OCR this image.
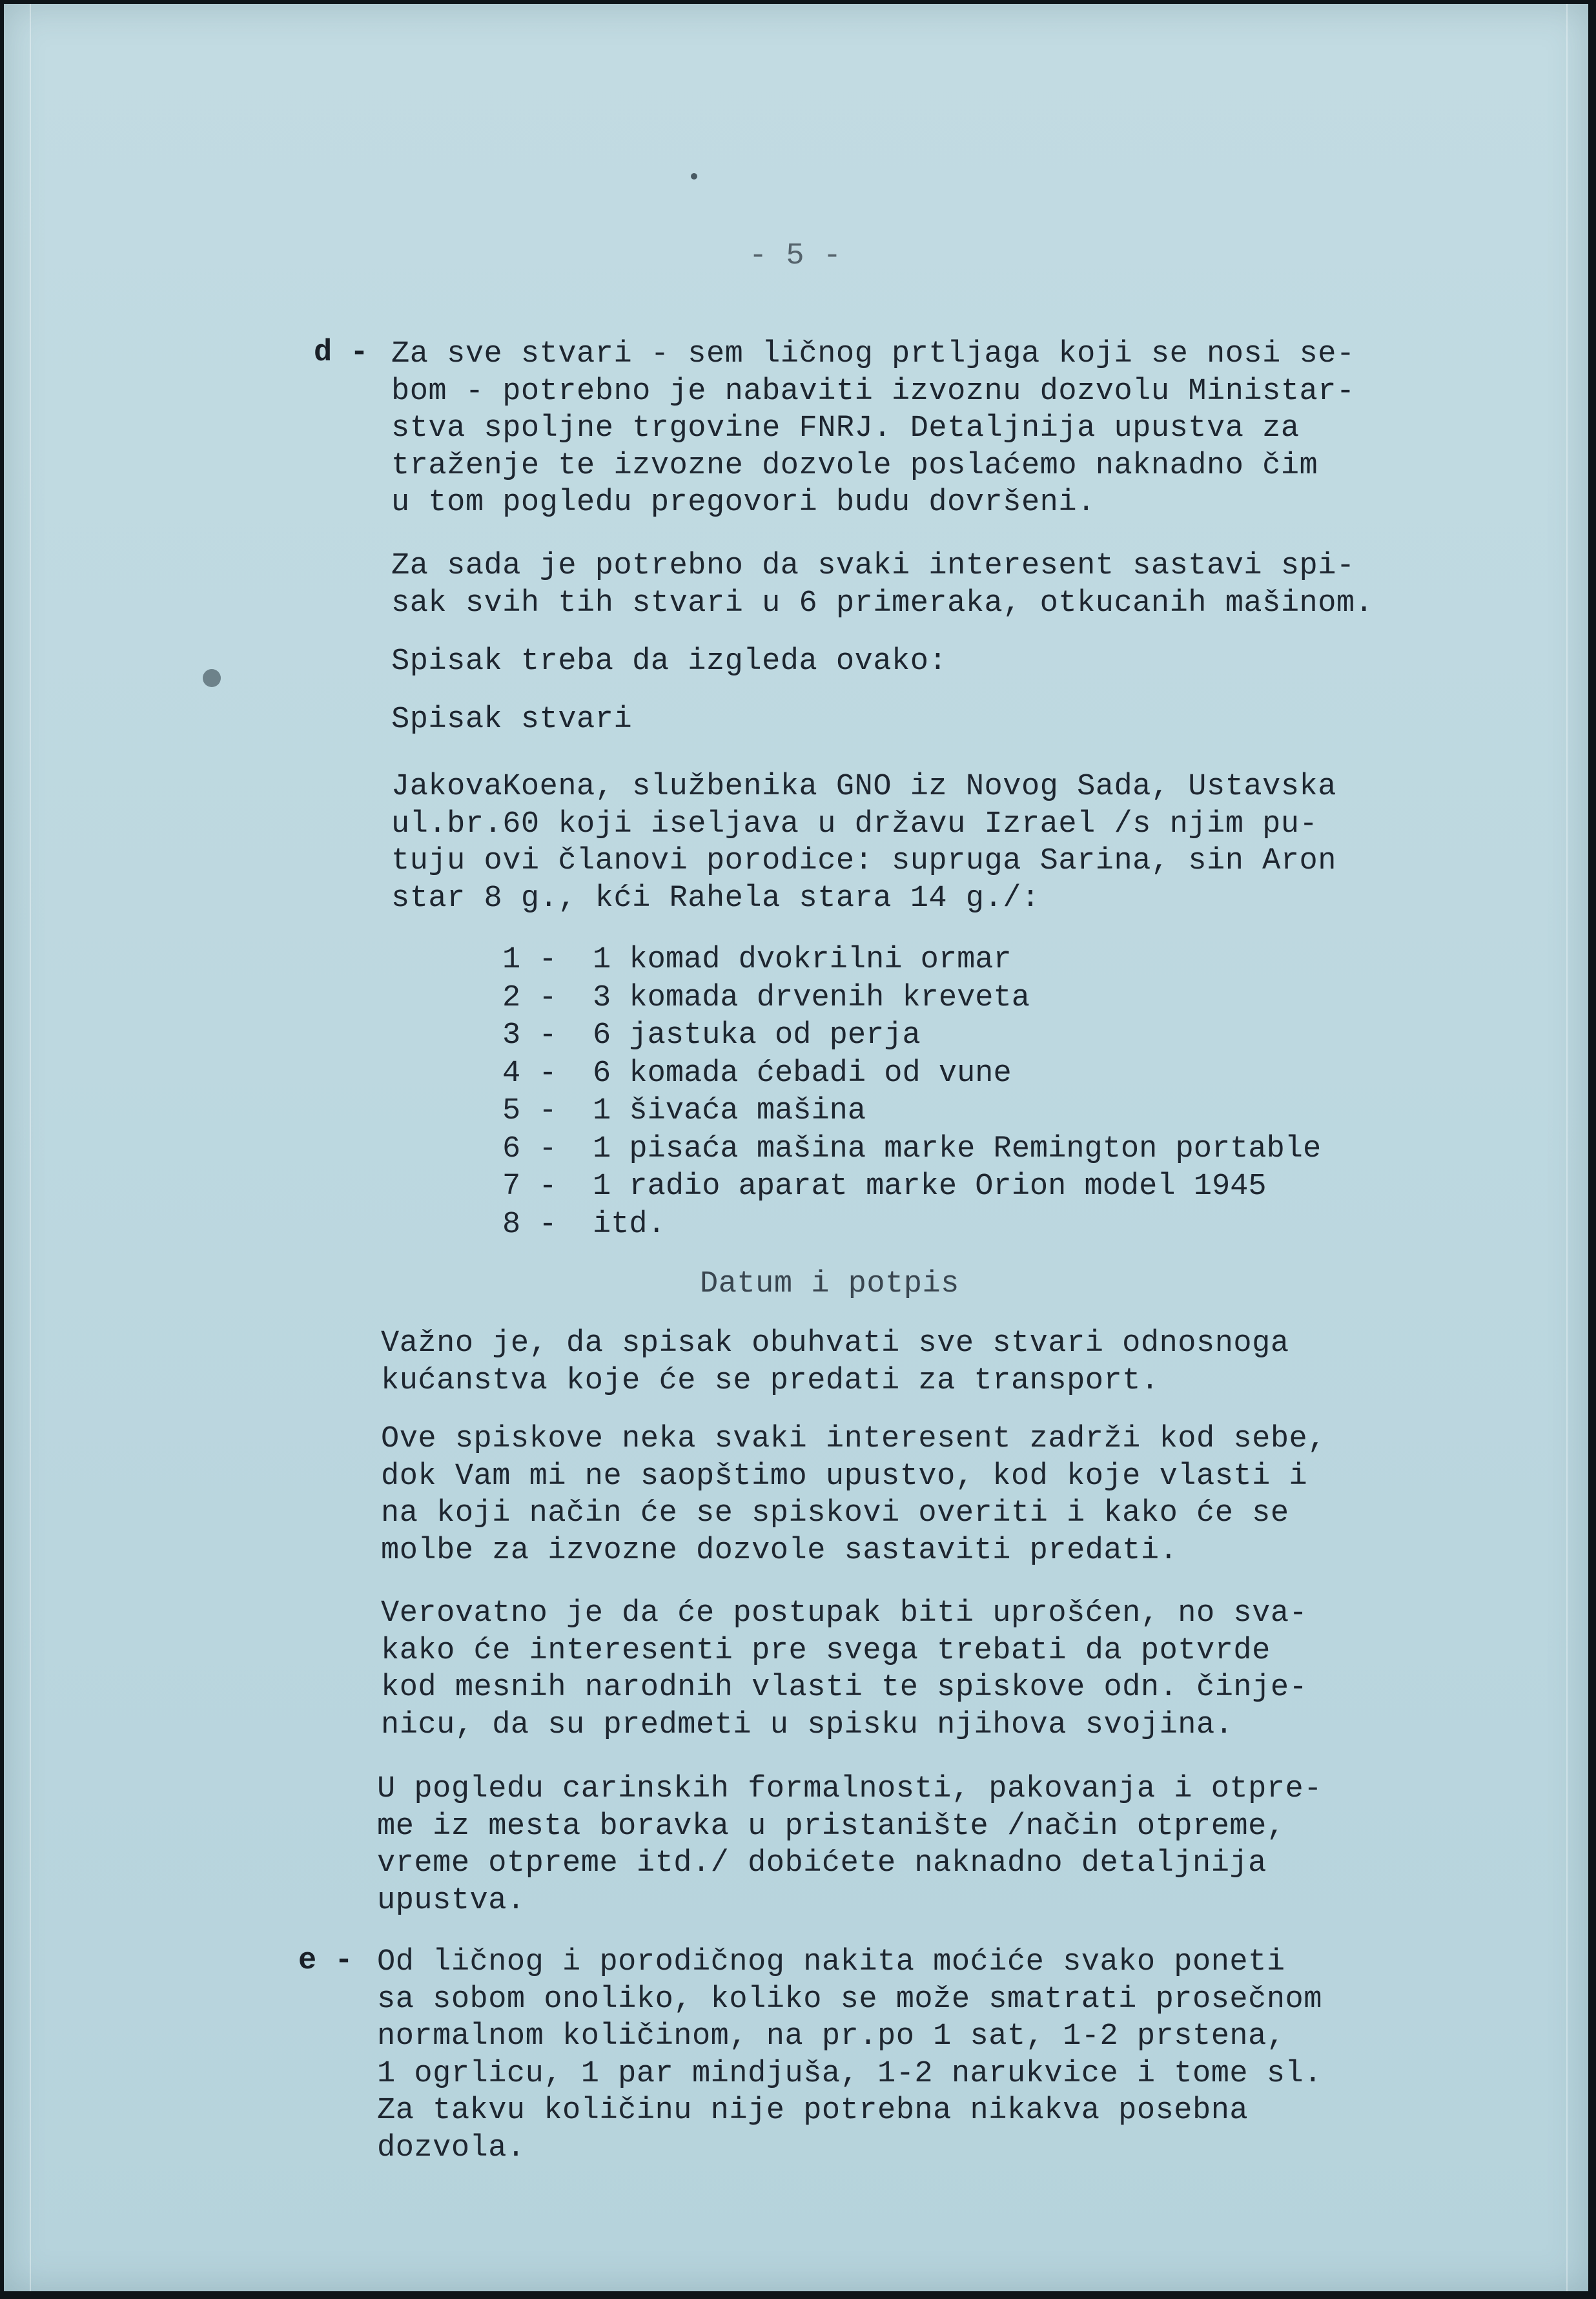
- 5 -
d - Za sve stvari - sem ličnog prtljaga koji se nosi se-
bom - potrebno je nabaviti izvoznu dozvolu Ministar-
stva spoljne trgovine FNRJ. Detaljnija upustva za
traženje te izvozne dozvole poslaćemo naknadno čim
u tom pogledu pregovori budu dovršeni.
Za sada je potrebno da svaki interesent sastavi spi-
sak svih tih stvari u 6 primeraka, otkucanih mašinom.
Spisak treba da izgleda ovako:
Spisak stvari
JakovaKoena, službenika GNO iz Novog Sada, Ustavska
ul.br.60 koji iseljava u državu Izrael /s njim pu-
tuju ovi članovi porodice: supruga Sarina, sin Aron
star 8 g., kći Rahela stara 14 g./:
1 - 1 komad dvokrilni ormar
2 - 3 komada drvenih kreveta
3 - 6 jastuka od perja
4 - 6 komada ćebadi od vune
5 - 1 šivaća mašina
6 - 1 pisaća mašina marke Remington portable
7 - 1 radio aparat marke Orion model 1945
8 - itd.
Datum i potpis
Važno je, da spisak obuhvati sve stvari odnosnoga
kućanstva koje će se predati za transport.
Ove spiskove neka svaki interesent zadrži kod sebe,
dok Vam mi ne saopštimo upustvo, kod koje vlasti i
na koji način će se spiskovi overiti i kako će se
molbe za izvozne dozvole sastaviti predati.
Verovatno je da će postupak biti uprošćen, no sva-
kako će interesenti pre svega trebati da potvrde
kod mesnih narodnih vlasti te spiskove odn. činje-
nicu, da su predmeti u spisku njihova svojina.
U pogledu carinskih formalnosti, pakovanja i otpre-
me iz mesta boravka u pristanište /način otpreme,
vreme otpreme itd./ dobićete naknadno detaljnija
upustva.
e - Od ličnog i porodičnog nakita moćiće svako poneti
sa sobom onoliko, koliko se može smatrati prosečnom
normalnom količinom, na pr.po 1 sat, 1-2 prstena,
1 ogrlicu, 1 par mindjuša, 1-2 narukvice i tome sl.
Za takvu količinu nije potrebna nikakva posebna
dozvola.
